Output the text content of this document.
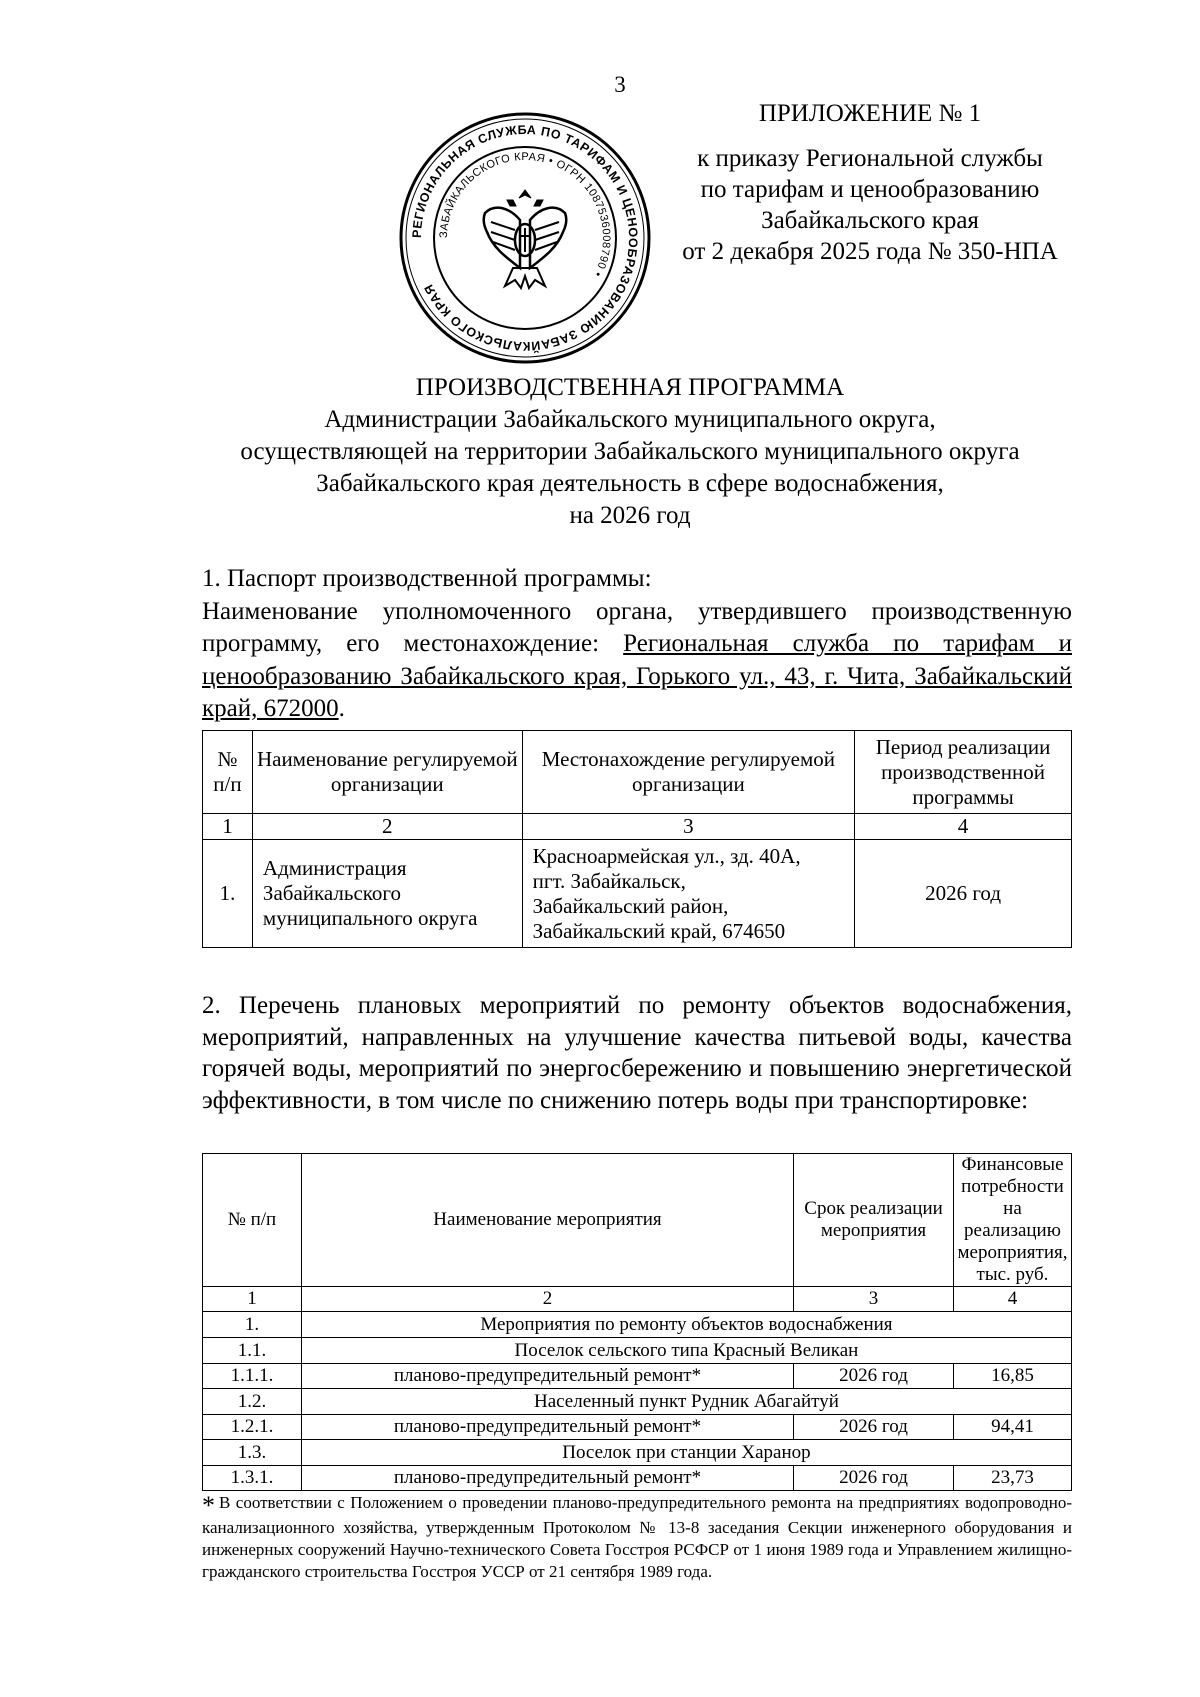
3
ПРИЛОЖЕНИЕ № 1
к приказу Региональной службы
по тарифам и ценообразованию
Забайкальского края
от 2 декабря 2025 года № 350-НПА
РЕГИОНАЛЬНАЯ СЛУЖБА ПО ТАРИФАМ И ЦЕНООБРАЗОВАНИЮ ЗАБАЙКАЛЬСКОГО КРАЯ
ЗАБАЙКАЛЬСКОГО КРАЯ • ОГРН 1087536008790 •
ПРОИЗВОДСТВЕННАЯ ПРОГРАММА
Администрации Забайкальского муниципального округа,
осуществляющей на территории Забайкальского муниципального округа
Забайкальского края деятельность в сфере водоснабжения,
на 2026 год
1. Паспорт производственной программы:
Наименование уполномоченного органа, утвердившего производственную программу, его местонахождение: Региональная служба по тарифам и ценообразованию Забайкальского края, Горького ул., 43, г. Чита, Забайкальский край, 672000.
№ п/п	Наименование регулируемой организации	Местонахождение регулируемой организации	Период реализации производственной программы
1	2	3	4
1.	Администрация Забайкальского муниципального округа	Красноармейская ул., зд. 40А,
пгт. Забайкальск,
Забайкальский район,
Забайкальский край, 674650	2026 год
2. Перечень плановых мероприятий по ремонту объектов водоснабжения, мероприятий, направленных на улучшение качества питьевой воды, качества горячей воды, мероприятий по энергосбережению и повышению энергетической эффективности, в том числе по снижению потерь воды при транспортировке:
№ п/п	Наименование мероприятия	Срок реализации мероприятия	Финансовые потребности на реализацию мероприятия, тыс. руб.
1	2	3	4
1.	Мероприятия по ремонту объектов водоснабжения		
1.1.	Поселок сельского типа Красный Великан		
1.1.1.	планово-предупредительный ремонт*	2026 год	16,85
1.2.	Населенный пункт Рудник Абагайтуй		
1.2.1.	планово-предупредительный ремонт*	2026 год	94,41
1.3.	Поселок при станции Харанор		
1.3.1.	планово-предупредительный ремонт*	2026 год	23,73
* В соответствии с Положением о проведении планово-предупредительного ремонта на предприятиях водопроводно-канализационного хозяйства, утвержденным Протоколом № 13-8 заседания Секции инженерного оборудования и инженерных сооружений Научно-технического Совета Госстроя РСФСР от 1 июня 1989 года и Управлением жилищно-гражданского строительства Госстроя УССР от 21 сентября 1989 года.
